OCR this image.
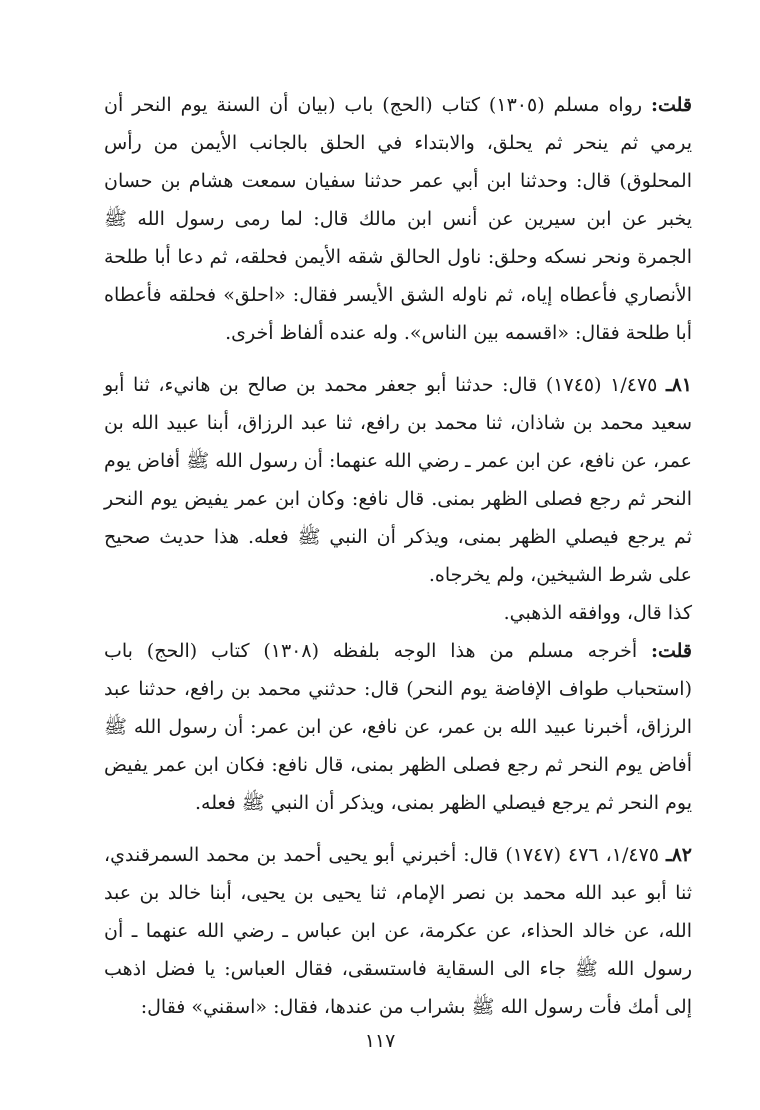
قلت: رواه مسلم (١٣٠٥) كتاب (الحج) باب (بيان أن السنة يوم النحر أن يرمي ثم ينحر ثم يحلق، والابتداء في الحلق بالجانب الأيمن من رأس المحلوق) قال: وحدثنا ابن أبي عمر حدثنا سفيان سمعت هشام بن حسان يخبر عن ابن سيرين عن أنس ابن مالك قال: لما رمى رسول الله ﷺ الجمرة ونحر نسكه وحلق: ناول الحالق شقه الأيمن فحلقه، ثم دعا أبا طلحة الأنصاري فأعطاه إياه، ثم ناوله الشق الأيسر فقال: «احلق» فحلقه فأعطاه أبا طلحة فقال: «اقسمه بين الناس». وله عنده ألفاظ أخرى.

٨١ـ ١/٤٧٥ (١٧٤٥) قال: حدثنا أبو جعفر محمد بن صالح بن هانيء، ثنا أبو سعيد محمد بن شاذان، ثنا محمد بن رافع، ثنا عبد الرزاق، أبنا عبيد الله بن عمر، عن نافع، عن ابن عمر ـ رضي الله عنهما: أن رسول الله ﷺ أفاض يوم النحر ثم رجع فصلى الظهر بمنى. قال نافع: وكان ابن عمر يفيض يوم النحر ثم يرجع فيصلي الظهر بمنى، ويذكر أن النبي ﷺ فعله. هذا حديث صحيح على شرط الشيخين، ولم يخرجاه.

كذا قال، ووافقه الذهبي.

قلت: أخرجه مسلم من هذا الوجه بلفظه (١٣٠٨) كتاب (الحج) باب (استحباب طواف الإفاضة يوم النحر) قال: حدثني محمد بن رافع، حدثنا عبد الرزاق، أخبرنا عبيد الله بن عمر، عن نافع، عن ابن عمر: أن رسول الله ﷺ أفاض يوم النحر ثم رجع فصلى الظهر بمنى، قال نافع: فكان ابن عمر يفيض يوم النحر ثم يرجع فيصلي الظهر بمنى، ويذكر أن النبي ﷺ فعله.

٨٢ـ ١/٤٧٥، ٤٧٦ (١٧٤٧) قال: أخبرني أبو يحيى أحمد بن محمد السمرقندي، ثنا أبو عبد الله محمد بن نصر الإمام، ثنا يحيى بن يحيى، أبنا خالد بن عبد الله، عن خالد الحذاء، عن عكرمة، عن ابن عباس ـ رضي الله عنهما ـ أن رسول الله ﷺ جاء الى السقاية فاستسقى، فقال العباس: يا فضل اذهب إلى أمك فأت رسول الله ﷺ بشراب من عندها، فقال: «اسقني» فقال:

١١٧
